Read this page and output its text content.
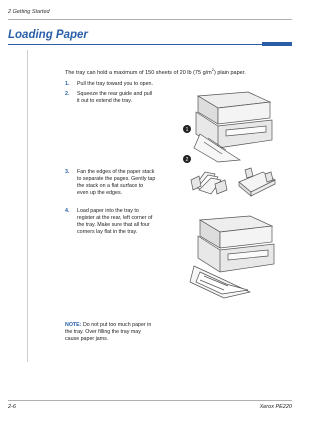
2 Getting Started
Loading Paper
The tray can hold a maximum of 150 sheets of 20 lb (75 $g/m^2$) plain paper.
1. Pull the tray toward you to open.
2. Squeeze the rear guide and pull
it out to extend the tray.
3. Fan the edges of the paper stack
to separate the pages. Gently tap
the stack on a flat surface to
even up the edges.
4. Load paper into the tray to
register at the rear, left corner of
the tray. Make sure that all four
corners lay flat in the tray.
NOTE: Do not put too much paper in
the tray. Over filling the tray may
cause paper jams.
1
2
2-6	Xerox PE220
